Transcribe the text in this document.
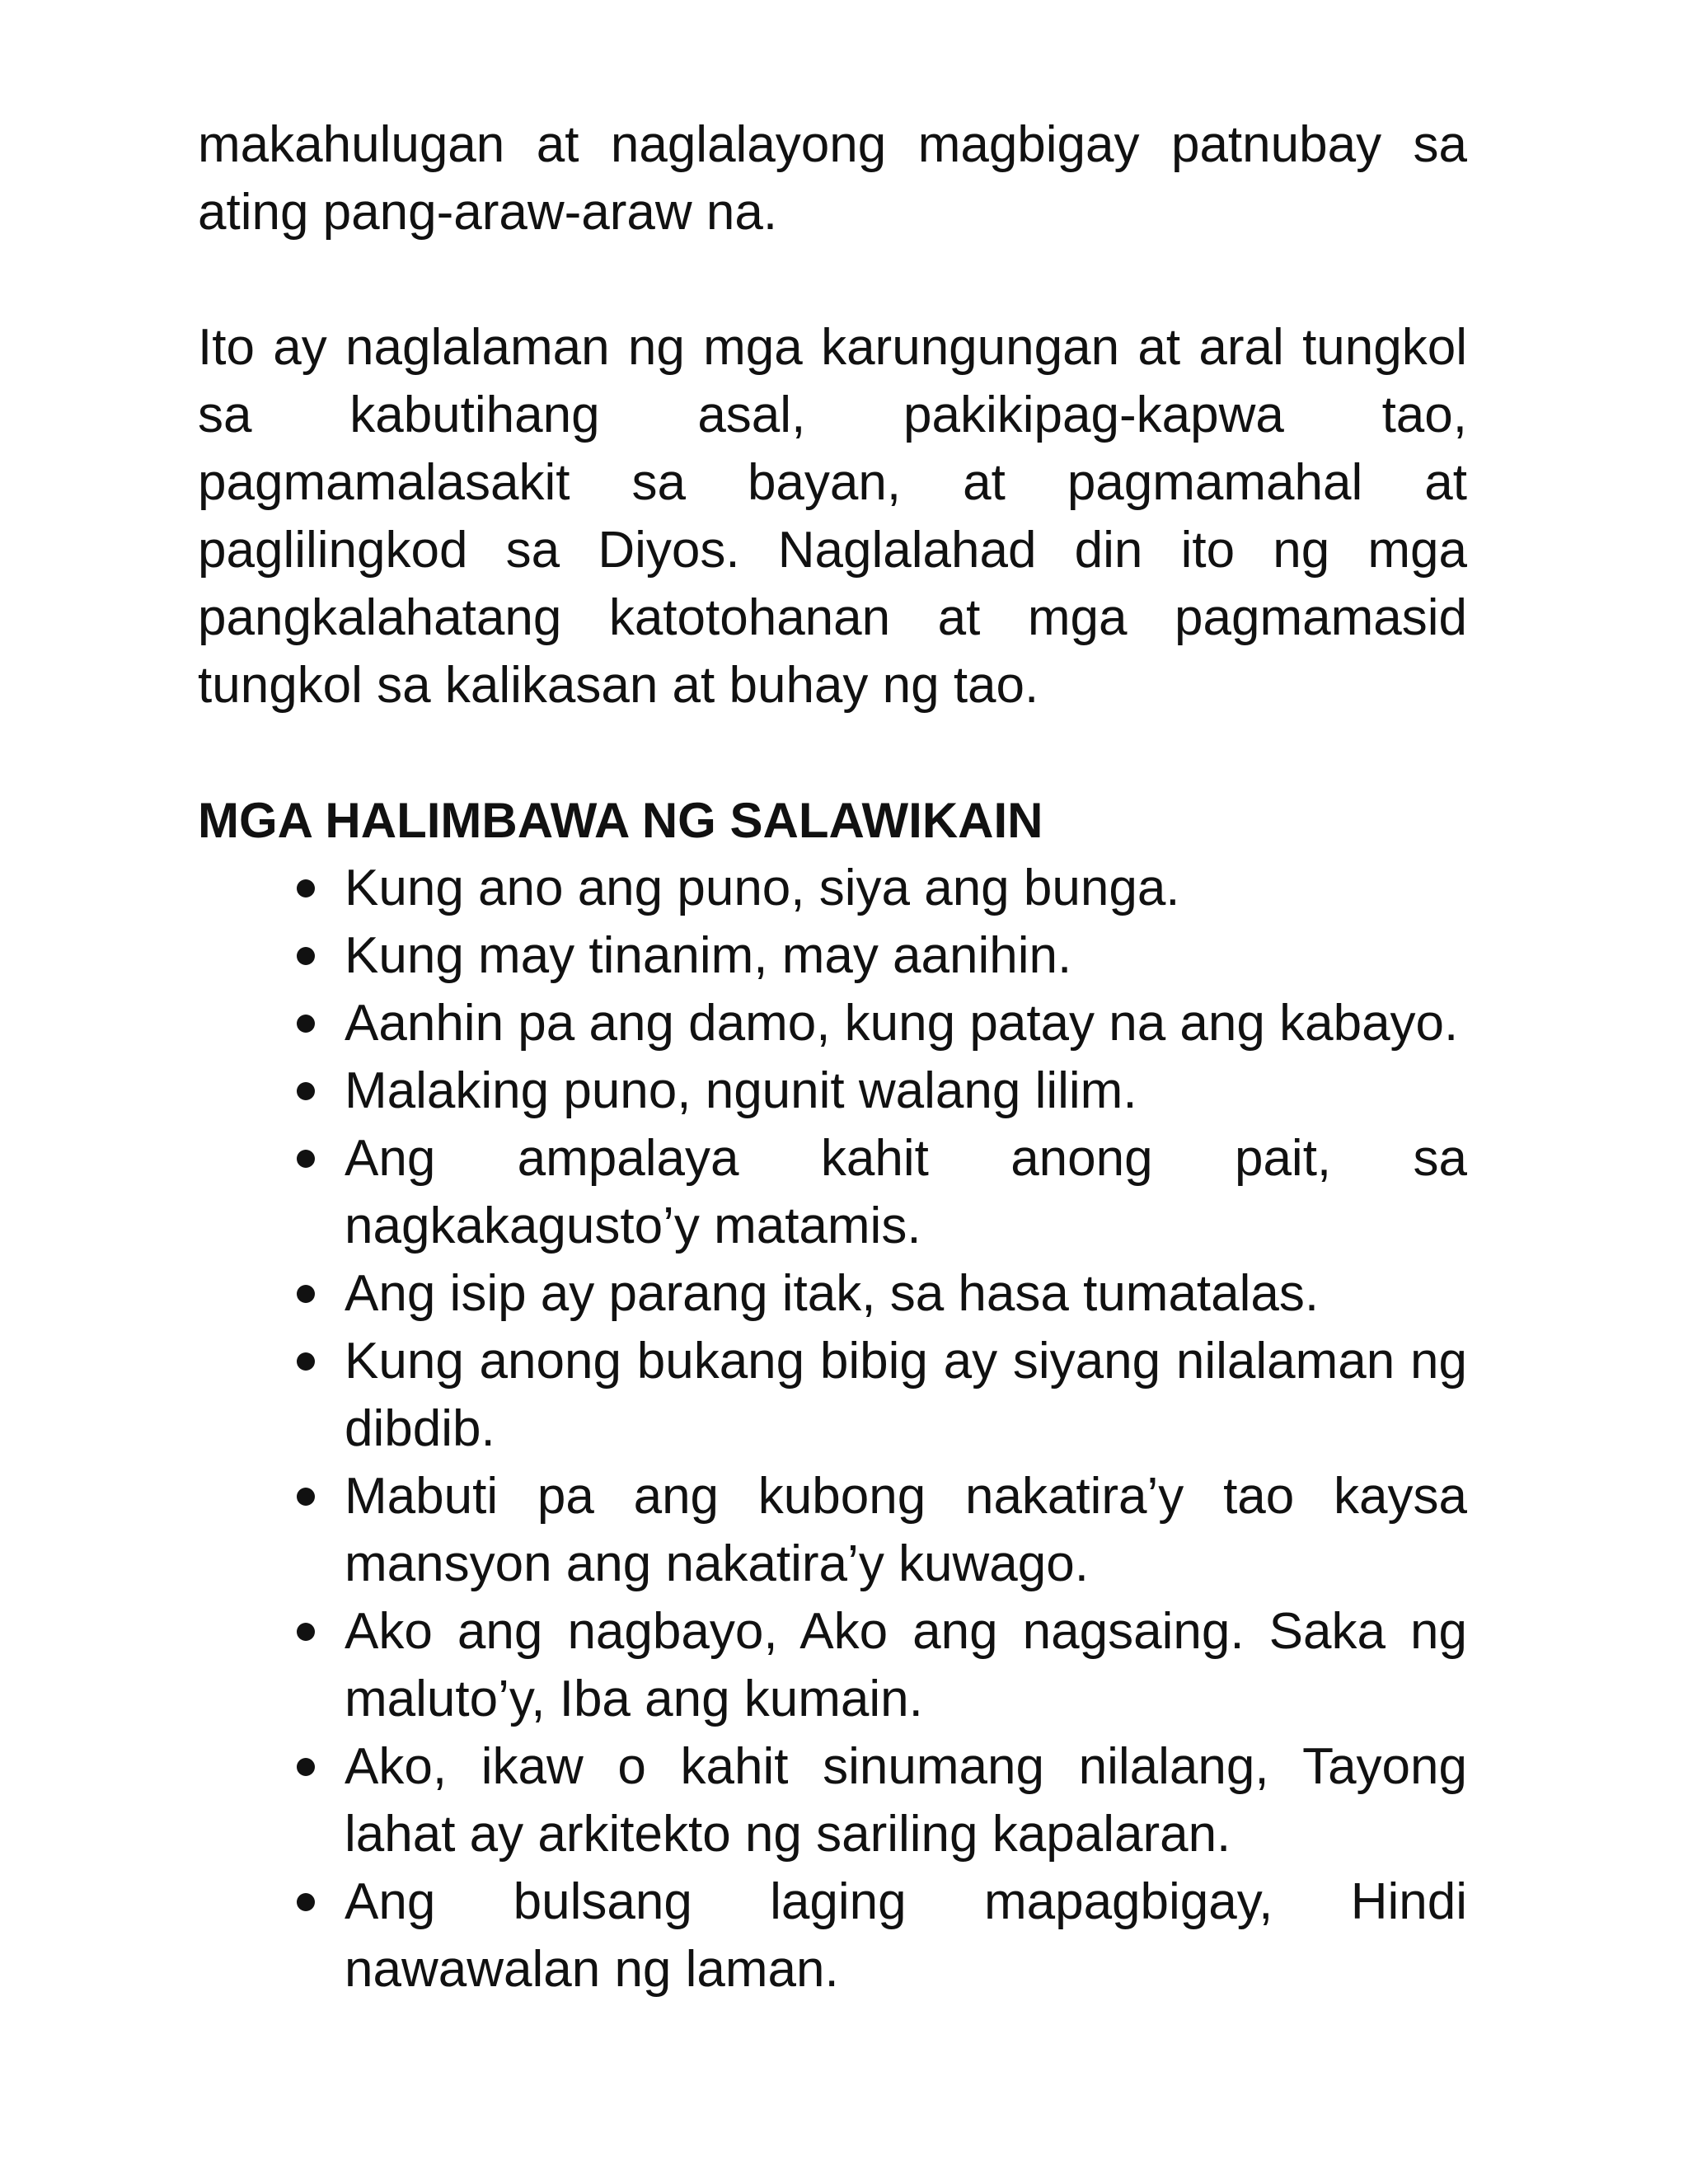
makahulugan at naglalayong magbigay patnubay sa ating pang-araw-araw na.

Ito ay naglalaman ng mga karungungan at aral tungkol sa kabutihang asal, pakikipag-kapwa tao, pagmamalasakit sa bayan, at pagmamahal at paglilingkod sa Diyos. Naglalahad din ito ng mga pangkalahatang katotohanan at mga pagmamasid tungkol sa kalikasan at buhay ng tao.

MGA HALIMBAWA NG SALAWIKAIN
Kung ano ang puno, siya ang bunga.
Kung may tinanim, may aanihin.
Aanhin pa ang damo, kung patay na ang kabayo.
Malaking puno, ngunit walang lilim.
Ang ampalaya kahit anong pait, sa nagkakagusto’y matamis.
Ang isip ay parang itak, sa hasa tumatalas.
Kung anong bukang bibig ay siyang nilalaman ng dibdib.
Mabuti pa ang kubong nakatira’y tao kaysa mansyon ang nakatira’y kuwago.
Ako ang nagbayo, Ako ang nagsaing. Saka ng maluto’y, Iba ang kumain.
Ako, ikaw o kahit sinumang nilalang, Tayong lahat ay arkitekto ng sariling kapalaran.
Ang bulsang laging mapagbigay, Hindi nawawalan ng laman.
